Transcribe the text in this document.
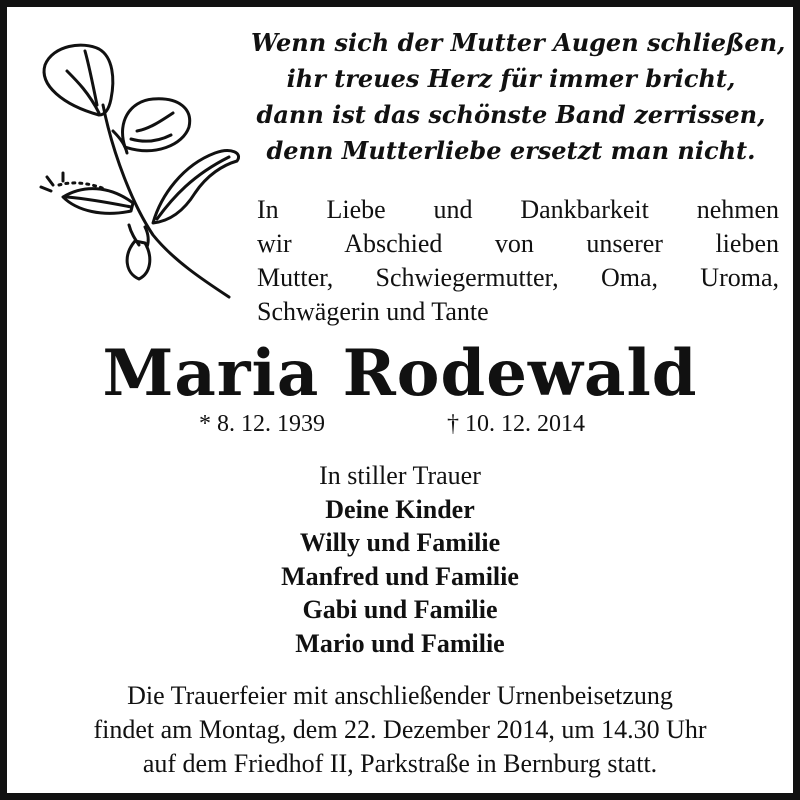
Wenn sich der Mutter Augen schließen,
ihr treues Herz für immer bricht,
dann ist das schönste Band zerrissen,
denn Mutterliebe ersetzt man nicht.

In Liebe und Dankbarkeit nehmen
wir Abschied von unserer lieben
Mutter, Schwiegermutter, Oma, Uroma,
Schwägerin und Tante
Maria Rodewald
* 8. 12. 1939	† 10. 12. 2014
In stiller Trauer
Deine Kinder
Willy und Familie
Manfred und Familie
Gabi und Familie
Mario und Familie
Die Trauerfeier mit anschließender Urnenbeisetzung
findet am Montag, dem 22. Dezember 2014, um 14.30 Uhr
auf dem Friedhof II, Parkstraße in Bernburg statt.
